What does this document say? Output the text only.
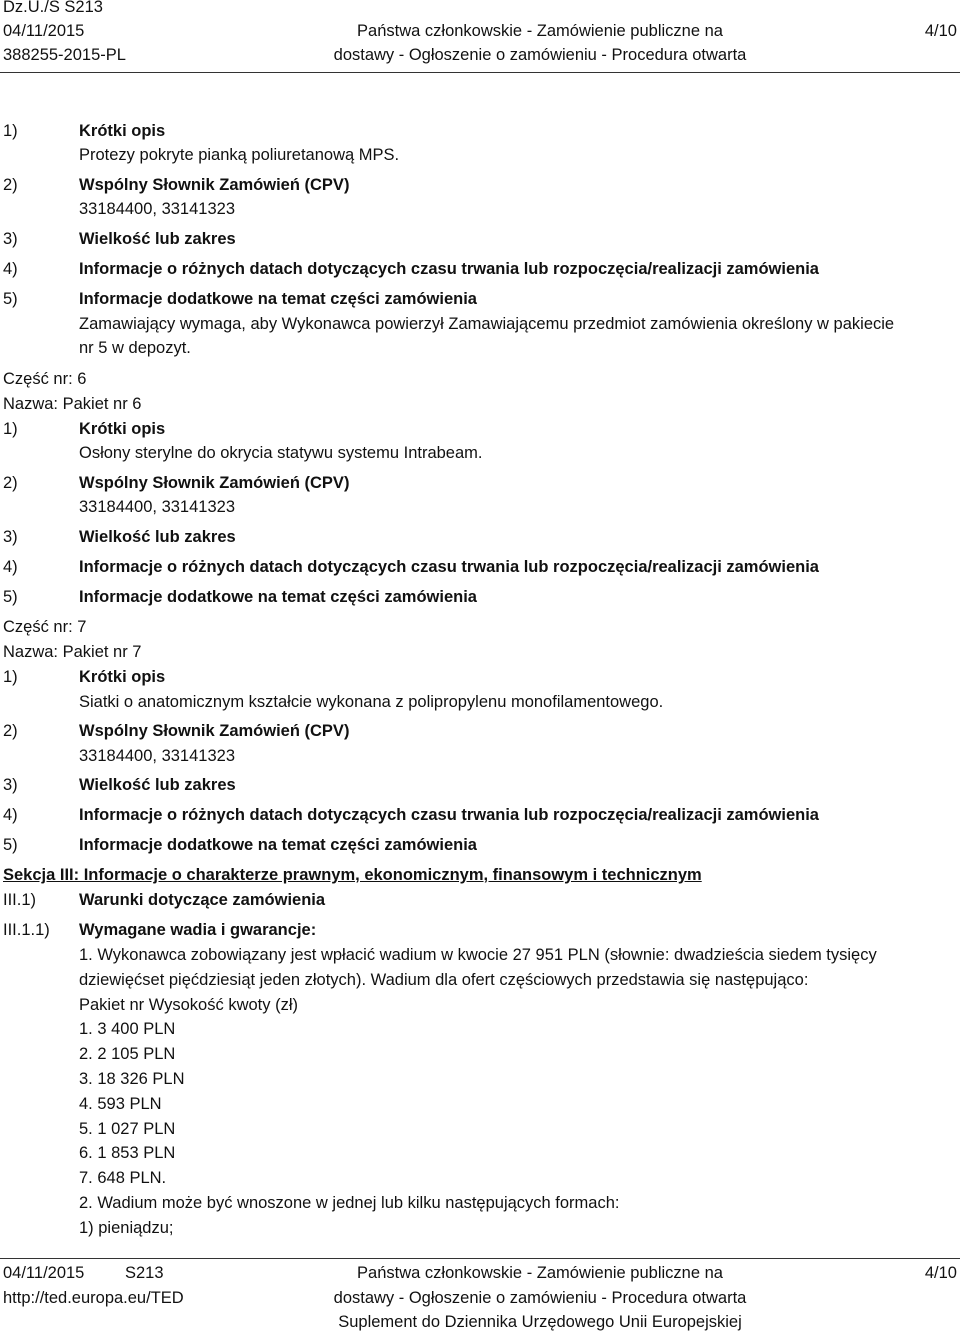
Dz.U./S S213
04/11/2015
388255-2015-PL
Państwa członkowskie - Zamówienie publiczne na
dostawy - Ogłoszenie o zamówieniu - Procedura otwarta
4/10
1)	Krótki opis
Protezy pokryte pianką poliuretanową MPS.
2)	Wspólny Słownik Zamówień (CPV)
33184400, 33141323
3)	Wielkość lub zakres
4)	Informacje o różnych datach dotyczących czasu trwania lub rozpoczęcia/realizacji zamówienia
5)	Informacje dodatkowe na temat części zamówienia
Zamawiający wymaga, aby Wykonawca powierzył Zamawiającemu przedmiot zamówienia określony w pakiecie
nr 5 w depozyt.
Część nr: 6
Nazwa: Pakiet nr 6
1)	Krótki opis
Osłony sterylne do okrycia statywu systemu Intrabeam.
2)	Wspólny Słownik Zamówień (CPV)
33184400, 33141323
3)	Wielkość lub zakres
4)	Informacje o różnych datach dotyczących czasu trwania lub rozpoczęcia/realizacji zamówienia
5)	Informacje dodatkowe na temat części zamówienia
Część nr: 7
Nazwa: Pakiet nr 7
1)	Krótki opis
Siatki o anatomicznym kształcie wykonana z polipropylenu monofilamentowego.
2)	Wspólny Słownik Zamówień (CPV)
33184400, 33141323
3)	Wielkość lub zakres
4)	Informacje o różnych datach dotyczących czasu trwania lub rozpoczęcia/realizacji zamówienia
5)	Informacje dodatkowe na temat części zamówienia
Sekcja III: Informacje o charakterze prawnym, ekonomicznym, finansowym i technicznym
III.1)	Warunki dotyczące zamówienia
III.1.1) Wymagane wadia i gwarancje:
1. Wykonawca zobowiązany jest wpłacić wadium w kwocie 27 951 PLN (słownie: dwadzieścia siedem tysięcy
dziewięćset pięćdziesiąt jeden złotych). Wadium dla ofert częściowych przedstawia się następująco:
Pakiet nr Wysokość kwoty (zł)
1. 3 400 PLN
2. 2 105 PLN
3. 18 326 PLN
4. 593 PLN
5. 1 027 PLN
6. 1 853 PLN
7. 648 PLN.
2. Wadium może być wnoszone w jednej lub kilku następujących formach:
1) pieniądzu;
04/11/2015 S213
http://ted.europa.eu/TED
Państwa członkowskie - Zamówienie publiczne na
dostawy - Ogłoszenie o zamówieniu - Procedura otwarta
Suplement do Dziennika Urzędowego Unii Europejskiej
4/10
